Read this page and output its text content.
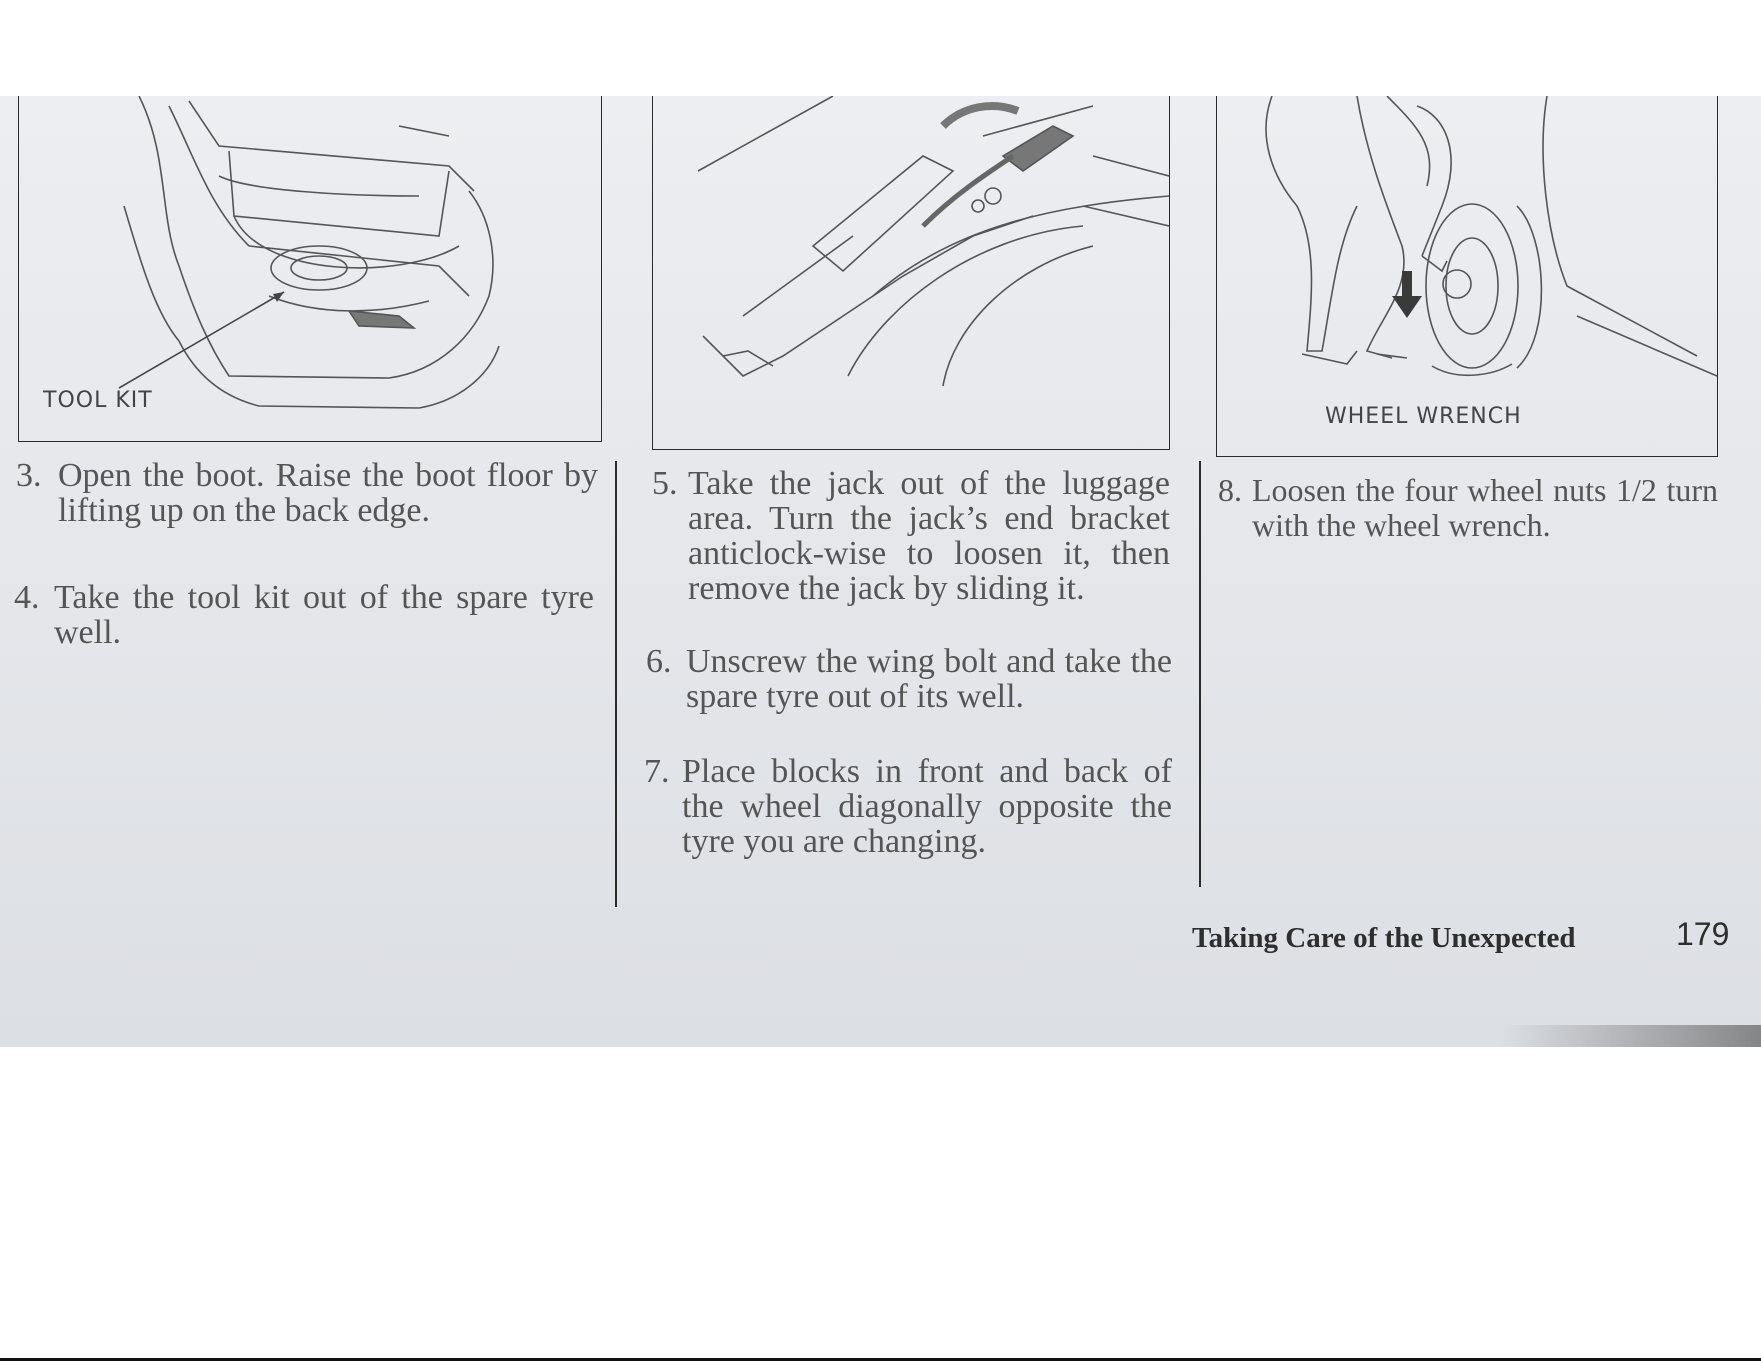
TOOL KIT
WHEEL WRENCH
3. Open the boot. Raise the boot floor by lifting up on the back edge.
4. Take the tool kit out of the spare tyre well.
5. Take the jack out of the luggage area. Turn the jack’s end bracket anticlock-wise to loosen it, then remove the jack by sliding it.
6. Unscrew the wing bolt and take the spare tyre out of its well.
7. Place blocks in front and back of the wheel diagonally opposite the tyre you are changing.
8. Loosen the four wheel nuts 1/2 turn with the wheel wrench.
Taking Care of the Unexpected	179
